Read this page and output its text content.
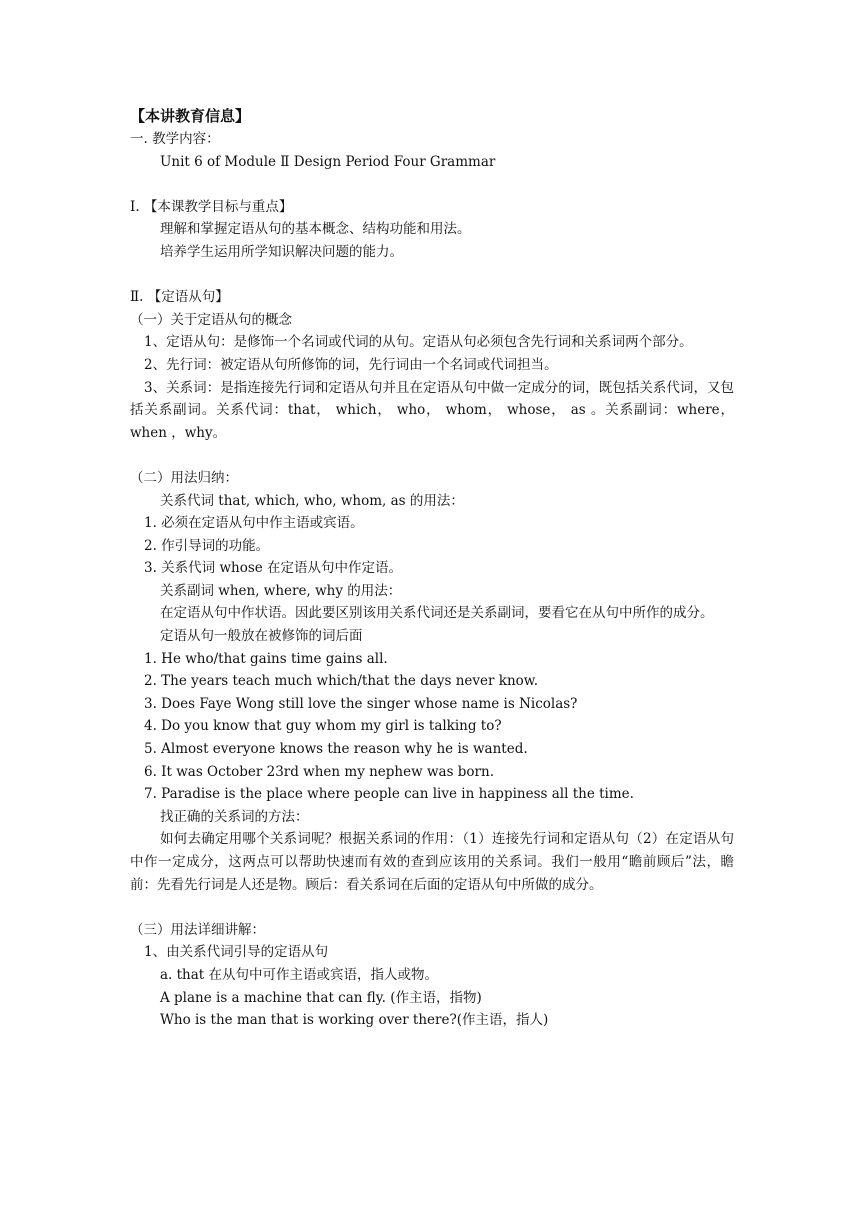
【本讲教育信息】
一. 教学内容：
Unit 6 of Module Ⅱ Design Period Four Grammar
Ⅰ. 【本课教学目标与重点】
理解和掌握定语从句的基本概念、结构功能和用法。
培养学生运用所学知识解决问题的能力。
Ⅱ. 【定语从句】
（一）关于定语从句的概念
1、定语从句：是修饰一个名词或代词的从句。定语从句必须包含先行词和关系词两个部分。
2、先行词：被定语从句所修饰的词，先行词由一个名词或代词担当。
3、关系词：是指连接先行词和定语从句并且在定语从句中做一定成分的词，既包括关系代词，又包括关系副词。关系代词：that， which， who， whom， whose， as 。关系副词：where， when ，why。
（二）用法归纳：
关系代词 that, which, who, whom, as 的用法：
1. 必须在定语从句中作主语或宾语。
2. 作引导词的功能。
3. 关系代词 whose 在定语从句中作定语。
关系副词 when, where, why 的用法：
在定语从句中作状语。因此要区别该用关系代词还是关系副词，要看它在从句中所作的成分。
定语从句一般放在被修饰的词后面
1. He who/that gains time gains all.
2. The years teach much which/that the days never know.
3. Does Faye Wong still love the singer whose name is Nicolas?
4. Do you know that guy whom my girl is talking to?
5. Almost everyone knows the reason why he is wanted.
6. It was October 23rd when my nephew was born.
7. Paradise is the place where people can live in happiness all the time.
找正确的关系词的方法：
如何去确定用哪个关系词呢？根据关系词的作用：（1）连接先行词和定语从句（2）在定语从句中作一定成分，这两点可以帮助快速而有效的查到应该用的关系词。我们一般用“瞻前顾后”法，瞻前：先看先行词是人还是物。顾后：看关系词在后面的定语从句中所做的成分。
（三）用法详细讲解：
1、由关系代词引导的定语从句
a. that 在从句中可作主语或宾语，指人或物。
A plane is a machine that can fly. (作主语，指物)
Who is the man that is working over there?(作主语，指人)
